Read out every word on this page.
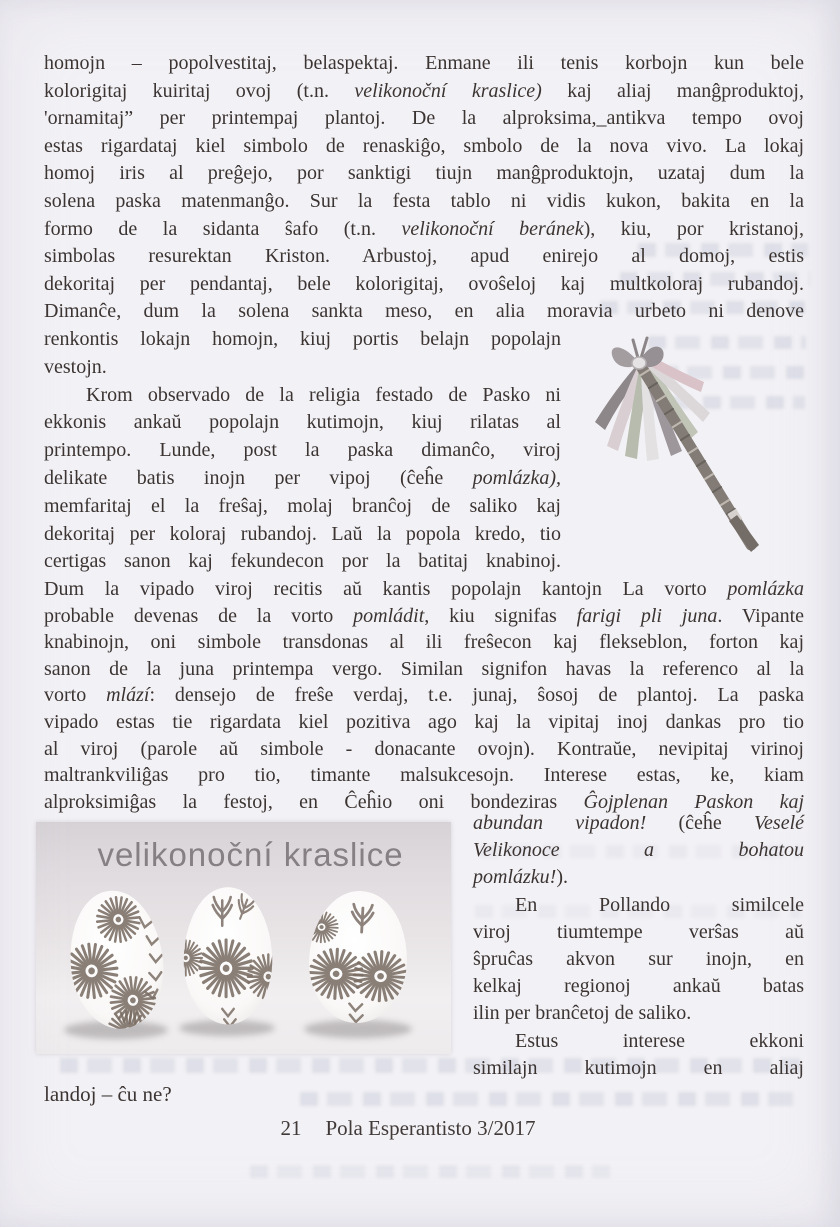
homojn – popolvestitaj, belaspektaj. Enmane ili tenis korbojn kun bele
kolorigitaj kuiritaj ovoj (t.n. velikonoční kraslice) kaj aliaj manĝproduktoj,
'ornamitaj” per printempaj plantoj. De la alproksima,_antikva tempo ovoj
estas rigardataj kiel simbolo de renaskiĝo, smbolo de la nova vivo. La lokaj
homoj iris al preĝejo, por sanktigi tiujn manĝproduktojn, uzataj dum la
solena paska matenmanĝo. Sur la festa tablo ni vidis kukon, bakita en la
formo de la sidanta ŝafo (t.n. velikonoční beránek), kiu, por kristanoj,
simbolas resurektan Kriston. Arbustoj, apud enirejo al domoj, estis
dekoritaj per pendantaj, bele kolorigitaj, ovoŝeloj kaj multkoloraj rubandoj.
Dimanĉe, dum la solena sankta meso, en alia moravia urbeto ni denove
renkontis lokajn homojn, kiuj portis belajn popolajn
vestojn.
Krom observado de la religia festado de Pasko ni
ekkonis ankaŭ popolajn kutimojn, kiuj rilatas al
printempo. Lunde, post la paska dimanĉo, viroj
delikate batis inojn per vipoj (ĉeĥe pomlázka),
memfaritaj el la freŝaj, molaj branĉoj de saliko kaj
dekoritaj per koloraj rubandoj. Laŭ la popola kredo, tio
certigas sanon kaj fekundecon por la batitaj knabinoj.
Dum la vipado viroj recitis aŭ kantis popolajn kantojn La vorto pomlázka
probable devenas de la vorto pomládit, kiu signifas farigi pli juna. Vipante
knabinojn, oni simbole transdonas al ili freŝecon kaj flekseblon, forton kaj
sanon de la juna printempa vergo. Similan signifon havas la referenco al la
vorto mlází: densejo de freŝe verdaj, t.e. junaj, ŝosoj de plantoj. La paska
vipado estas tie rigardata kiel pozitiva ago kaj la vipitaj inoj dankas pro tio
al viroj (parole aŭ simbole - donacante ovojn). Kontraŭe, nevipitaj virinoj
maltrankviliĝas pro tio, timante malsukcesojn. Interese estas, ke, kiam
alproksimiĝas la festoj, en Ĉeĥio oni bondeziras Ĝojplenan Paskon kaj
abundan vipadon! (ĉeĥe Veselé
Velikonoce	a	bohatou
pomlázku!).
En Pollando similcele
viroj tiumtempe verŝas aŭ
ŝpruĉas akvon sur inojn, en
kelkaj regionoj ankaŭ batas
ilin per branĉetoj de saliko.
Estus interese ekkoni
similajn kutimojn en aliaj
landoj – ĉu ne?
21 Pola Esperantisto 3/2017
velikonoční kraslice
